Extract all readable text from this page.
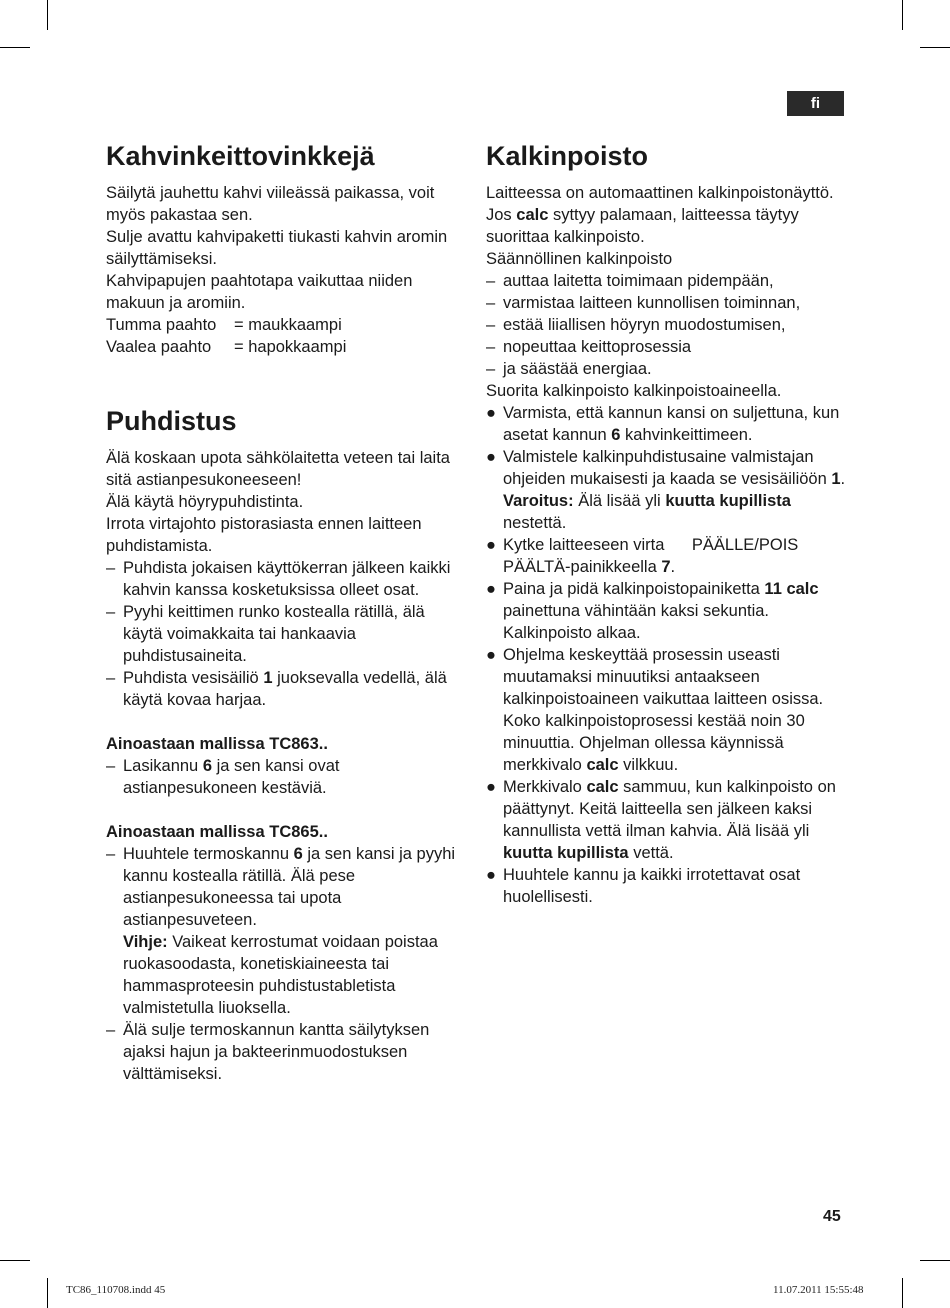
fi
Kahvinkeittovinkkejä

Säilytä jauhettu kahvi viileässä paikassa, voit myös pakastaa sen.

Sulje avattu kahvipaketti tiukasti kahvin aromin säilyttämiseksi.

Kahvipapujen paahtotapa vaikuttaa niiden makuun ja aromiin.

Tumma paahto	= maukkaampi
Vaalea paahto	= hapokkaampi
Puhdistus

Älä koskaan upota sähkölaitetta veteen tai laita sitä astianpesukoneeseen!

Älä käytä höyrypuhdistinta.

Irrota virtajohto pistorasiasta ennen laitteen puhdistamista.

– Puhdista jokaisen käyttökerran jälkeen kaikki kahvin kanssa kosketuksissa olleet osat.
– Pyyhi keittimen runko kostealla rätillä, älä käytä voimakkaita tai hankaavia puhdistusaineita.
– Puhdista vesisäiliö 1 juoksevalla vedellä, älä käytä kovaa harjaa.

Ainoastaan mallissa TC863..

– Lasikannu 6 ja sen kansi ovat astianpesukoneen kestäviä.

Ainoastaan mallissa TC865..

– Huuhtele termoskannu 6 ja sen kansi ja pyyhi kannu kostealla rätillä. Älä pese astianpesukoneessa tai upota astianpesuveteen.

Vihje: Vaikeat kerrostumat voidaan poistaa ruokasoodasta, konetiskiaineesta tai hammasproteesin puhdistustabletista valmistetulla liuoksella.

– Älä sulje termoskannun kantta säilytyksen ajaksi hajun ja bakteerinmuodostuksen välttämiseksi.
Kalkinpoisto

Laitteessa on automaattinen kalkinpoistonäyttö. Jos calc syttyy palamaan, laitteessa täytyy suorittaa kalkinpoisto.

Säännöllinen kalkinpoisto

– auttaa laitetta toimimaan pidempään,
– varmistaa laitteen kunnollisen toiminnan,
– estää liiallisen höyryn muodostumisen,
– nopeuttaa keittoprosessia
– ja säästää energiaa.

Suorita kalkinpoisto kalkinpoistoaineella.

● Varmista, että kannun kansi on suljettuna, kun asetat kannun 6 kahvinkeittimeen.
● Valmistele kalkinpuhdistusaine valmistajan ohjeiden mukaisesti ja kaada se vesisäiliöön 1.

Varoitus: Älä lisää yli kuutta kupillista nestettä.

● Kytke laitteeseen virta      PÄÄLLE/POIS PÄÄLTÄ-painikkeella 7.
● Paina ja pidä kalkinpoistopainiketta 11 calc painettuna vähintään kaksi sekuntia. Kalkinpoisto alkaa.
● Ohjelma keskeyttää prosessin useasti muutamaksi minuutiksi antaakseen kalkinpoistoaineen vaikuttaa laitteen osissa. Koko kalkinpoistoprosessi kestää noin 30 minuuttia. Ohjelman ollessa käynnissä merkkivalo calc vilkkuu.
● Merkkivalo calc sammuu, kun kalkinpoisto on päättynyt. Keitä laitteella sen jälkeen kaksi kannullista vettä ilman kahvia. Älä lisää yli kuutta kupillista vettä.
● Huuhtele kannu ja kaikki irrotettavat osat huolellisesti.
45
TC86_110708.indd 45	11.07.2011 15:55:48
